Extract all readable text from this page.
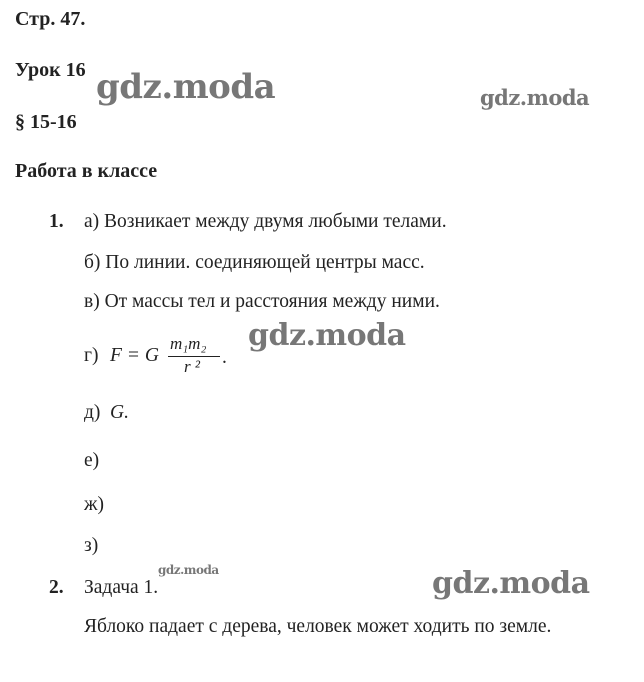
Стр. 47.
Урок 16
§ 15-16
Работа в классе
gdz.moda	gdz.moda
gdz.moda
gdz.moda	gdz.moda
1. а) Возникает между двумя любыми телами.
б) По линии. соединяющей центры масс.
в) От массы тел и расстояния между ними.
г) F = G
m₁m₂
r ² .
д) G.
е)
ж)
з)
2. Задача 1.
Яблоко падает с дерева, человек может ходить по земле.
